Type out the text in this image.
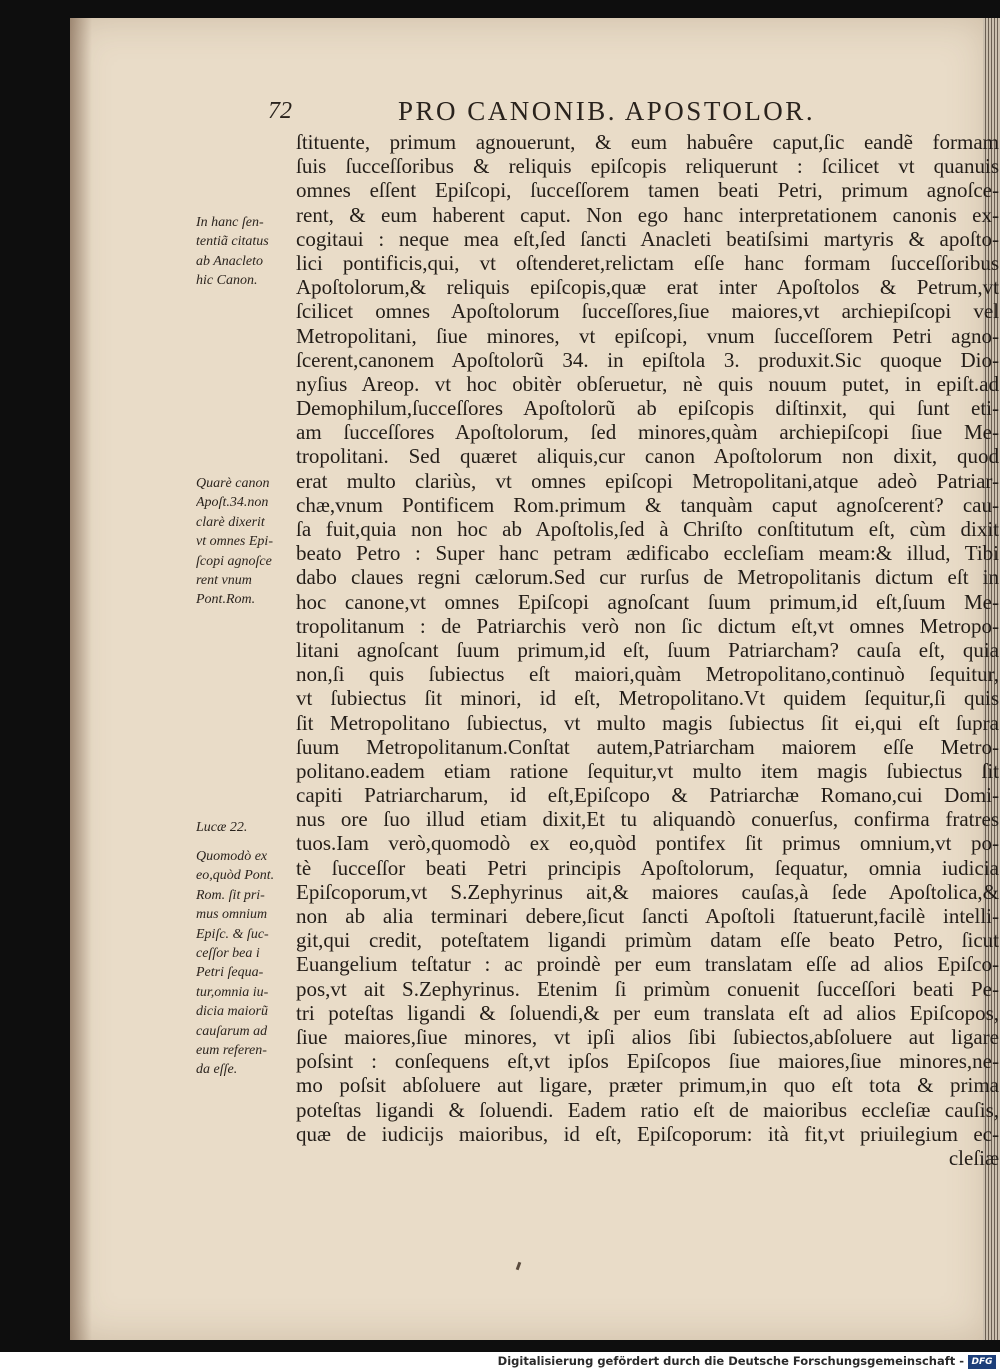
72	PRO CANONIB. APOSTOLOR.
ſtituente, primum agnouerunt, & eum habuêre caput,ſic eandẽ formam
ſuis ſucceſſoribus & reliquis epiſcopis reliquerunt : ſcilicet vt quanuis
omnes eſſent Epiſcopi, ſucceſſorem tamen beati Petri, primum agnoſce-
rent, & eum haberent caput. Non ego hanc interpretationem canonis ex-
cogitaui : neque mea eſt,ſed ſancti Anacleti beatiſsimi martyris & apoſto-
lici pontificis,qui, vt oſtenderet,relictam eſſe hanc formam ſucceſſoribus
Apoſtolorum,& reliquis epiſcopis,quæ erat inter Apoſtolos & Petrum,vt
ſcilicet omnes Apoſtolorum ſucceſſores,ſiue maiores,vt archiepiſcopi vel
Metropolitani, ſiue minores, vt epiſcopi, vnum ſucceſſorem Petri agno-
ſcerent,canonem Apoſtolorũ 34. in epiſtola 3. produxit.Sic quoque Dio-
nyſius Areop. vt hoc obitèr obſeruetur, nè quis nouum putet, in epiſt.ad
Demophilum,ſucceſſores Apoſtolorũ ab epiſcopis diſtinxit, qui ſunt eti-
am ſucceſſores Apoſtolorum, ſed minores,quàm archiepiſcopi ſiue Me-
tropolitani. Sed quæret aliquis,cur canon Apoſtolorum non dixit, quod
erat multo clariùs, vt omnes epiſcopi Metropolitani,atque adeò Patriar-
chæ,vnum Pontificem Rom.primum & tanquàm caput agnoſcerent? cau-
ſa fuit,quia non hoc ab Apoſtolis,ſed à Chriſto conſtitutum eſt, cùm dixit
beato Petro : Super hanc petram ædificabo eccleſiam meam:& illud, Tibi
dabo claues regni cælorum.Sed cur rurſus de Metropolitanis dictum eſt in
hoc canone,vt omnes Epiſcopi agnoſcant ſuum primum,id eſt,ſuum Me-
tropolitanum : de Patriarchis verò non ſic dictum eſt,vt omnes Metropo-
litani agnoſcant ſuum primum,id eſt, ſuum Patriarcham? cauſa eſt, quia
non,ſi quis ſubiectus eſt maiori,quàm Metropolitano,continuò ſequitur,
vt ſubiectus ſit minori, id eſt, Metropolitano.Vt quidem ſequitur,ſi quis
ſit Metropolitano ſubiectus, vt multo magis ſubiectus ſit ei,qui eſt ſupra
ſuum Metropolitanum.Conſtat autem,Patriarcham maiorem eſſe Metro-
politano.eadem etiam ratione ſequitur,vt multo item magis ſubiectus ſit
capiti Patriarcharum, id eſt,Epiſcopo & Patriarchæ Romano,cui Domi-
nus ore ſuo illud etiam dixit,Et tu aliquandò conuerſus, confirma fratres
tuos.Iam verò,quomodò ex eo,quòd pontifex ſit primus omnium,vt po-
tè ſucceſſor beati Petri principis Apoſtolorum, ſequatur, omnia iudicia
Epiſcoporum,vt S.Zephyrinus ait,& maiores cauſas,à ſede Apoſtolica,&
non ab alia terminari debere,ſicut ſancti Apoſtoli ſtatuerunt,facilè intelli-
git,qui credit, poteſtatem ligandi primùm datam eſſe beato Petro, ſicut
Euangelium teſtatur : ac proindè per eum translatam eſſe ad alios Epiſco-
pos,vt ait S.Zephyrinus. Etenim ſi primùm conuenit ſucceſſori beati Pe-
tri poteſtas ligandi & ſoluendi,& per eum translata eſt ad alios Epiſcopos,
ſiue maiores,ſiue minores, vt ipſi alios ſibi ſubiectos,abſoluere aut ligare
poſsint : conſequens eſt,vt ipſos Epiſcopos ſiue maiores,ſiue minores,ne-
mo poſsit abſoluere aut ligare, præter primum,in quo eſt tota & prima
poteſtas ligandi & ſoluendi. Eadem ratio eſt de maioribus eccleſiæ cauſis,
quæ de iudicijs maioribus, id eſt, Epiſcoporum: ità fit,vt priuilegium ec-
cleſiæ
In hanc ſen-
tentiã citatus
ab Anacleto
hic Canon.
Quarè canon
Apoſt.34.non
clarè dixerit
vt omnes Epi-
ſcopi agnoſce
rent vnum
Pont.Rom.
Lucæ 22.
Quomodò ex
eo,quòd Pont.
Rom. ſit pri-
mus omnium
Epiſc. & ſuc-
ceſſor bea i
Petri ſequa-
tur,omnia iu-
dicia maiorũ
cauſarum ad
eum referen-
da eſſe.
Digitalisierung gefördert durch die Deutsche Forschungsgemeinschaft - DFG
